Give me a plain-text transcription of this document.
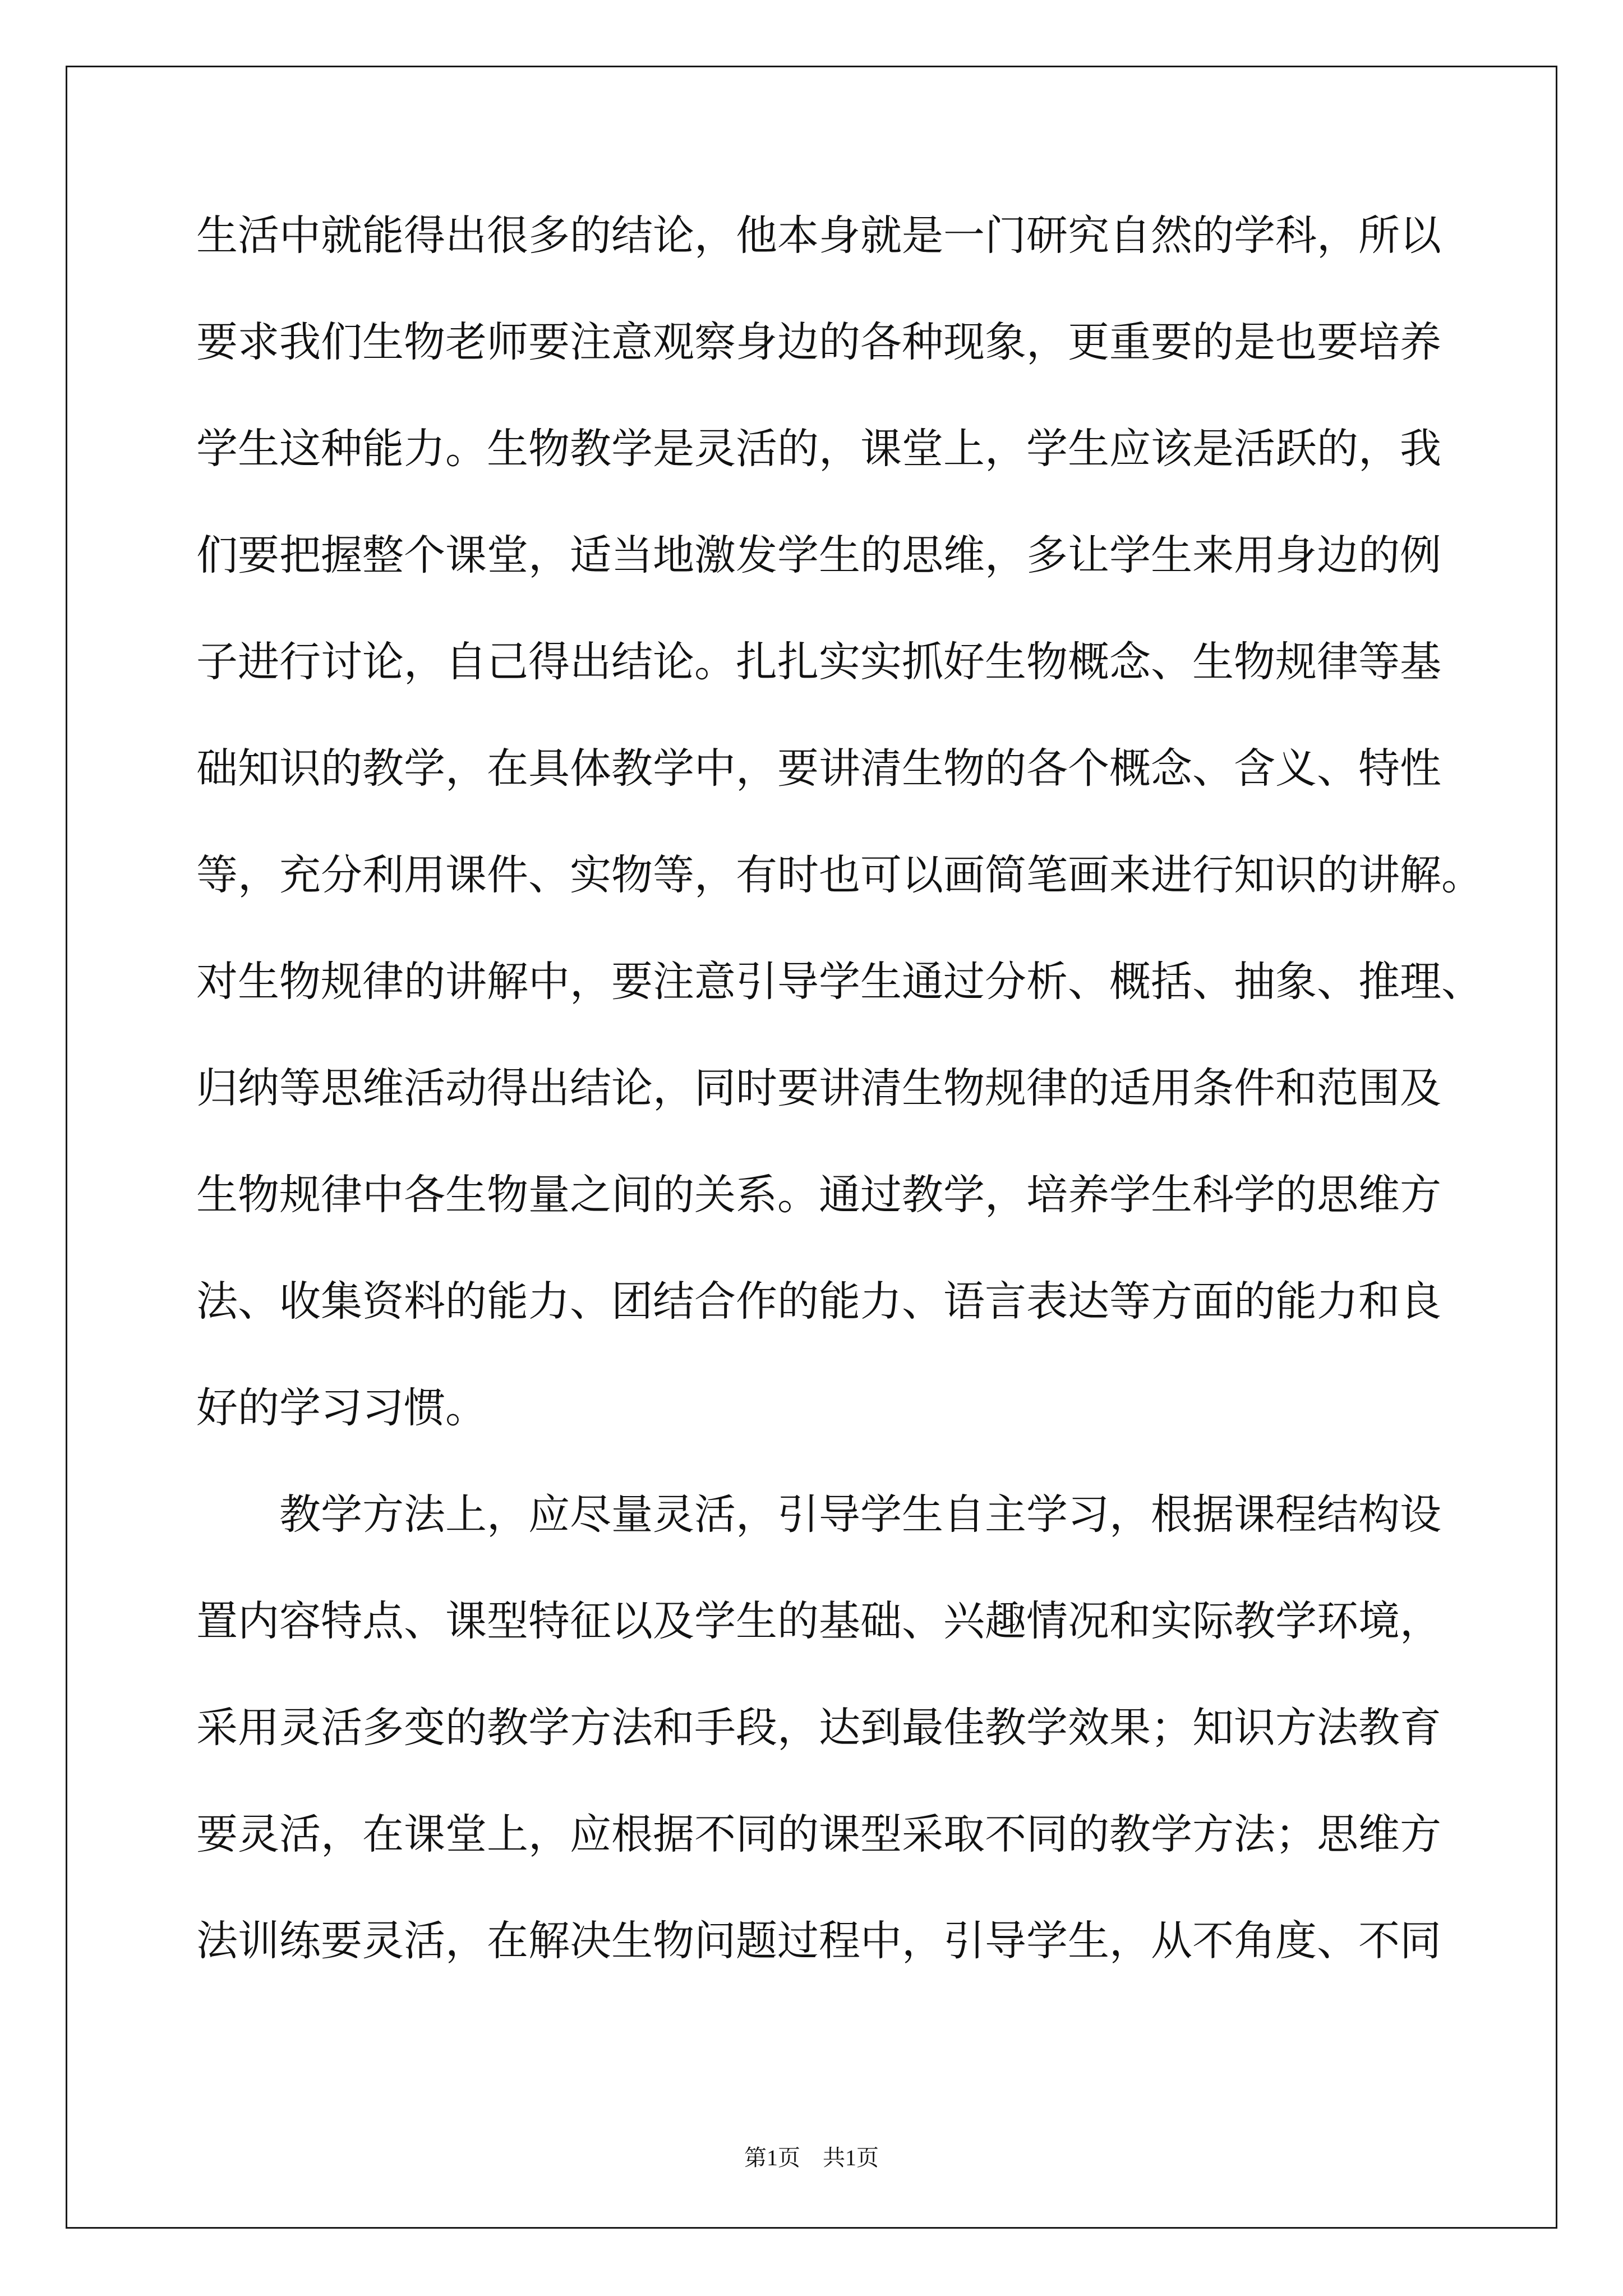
生活中就能得出很多的结论，他本身就是一门研究自然的学科，所以
要求我们生物老师要注意观察身边的各种现象，更重要的是也要培养
学生这种能力。生物教学是灵活的，课堂上，学生应该是活跃的，我
们要把握整个课堂，适当地激发学生的思维，多让学生来用身边的例
子进行讨论，自己得出结论。扎扎实实抓好生物概念、生物规律等基
础知识的教学，在具体教学中，要讲清生物的各个概念、含义、特性
等，充分利用课件、实物等，有时也可以画简笔画来进行知识的讲解。
对生物规律的讲解中，要注意引导学生通过分析、概括、抽象、推理、
归纳等思维活动得出结论，同时要讲清生物规律的适用条件和范围及
生物规律中各生物量之间的关系。通过教学，培养学生科学的思维方
法、收集资料的能力、团结合作的能力、语言表达等方面的能力和良
好的学习习惯。
　　教学方法上，应尽量灵活，引导学生自主学习，根据课程结构设
置内容特点、课型特征以及学生的基础、兴趣情况和实际教学环境，
采用灵活多变的教学方法和手段，达到最佳教学效果；知识方法教育
要灵活，在课堂上，应根据不同的课型采取不同的教学方法；思维方
法训练要灵活，在解决生物问题过程中，引导学生，从不角度、不同
第1页　共1页
